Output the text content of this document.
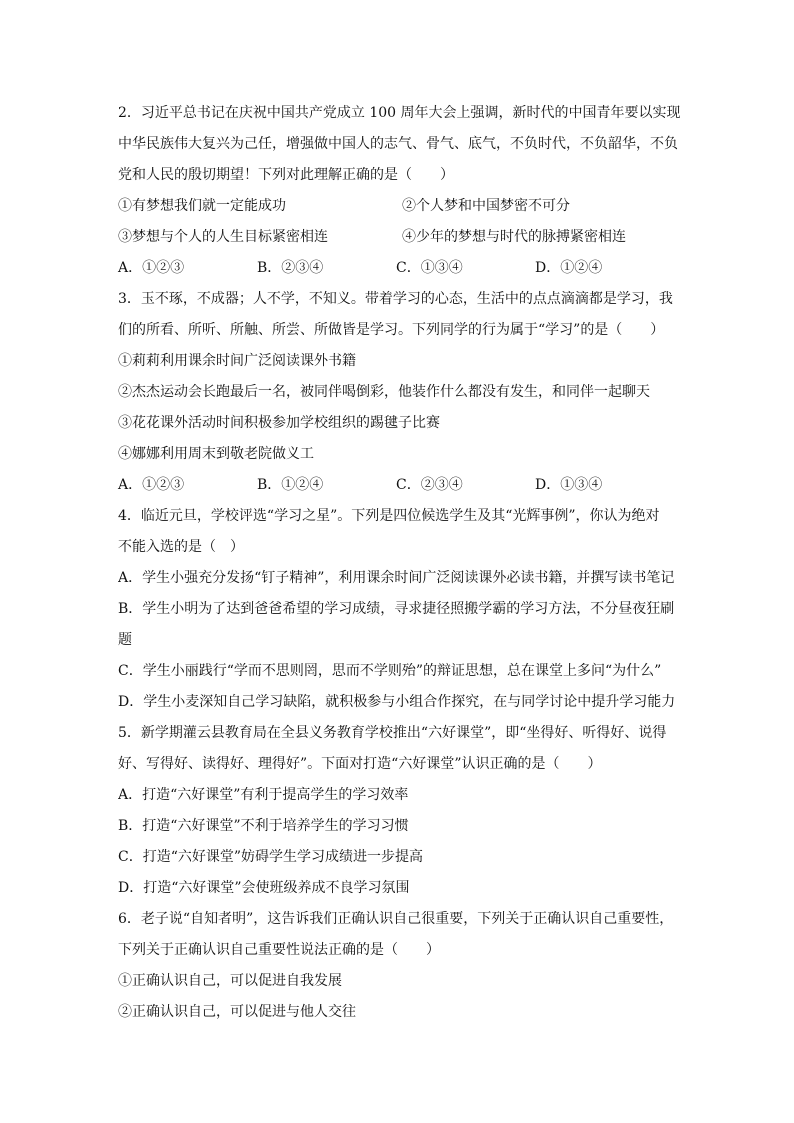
2．习近平总书记在庆祝中国共产党成立 100 周年大会上强调，新时代的中国青年要以实现
中华民族伟大复兴为己任，增强做中国人的志气、骨气、底气，不负时代，不负韶华，不负
党和人民的殷切期望！下列对此理解正确的是（　　）
①有梦想我们就一定能成功	②个人梦和中国梦密不可分
③梦想与个人的人生目标紧密相连	④少年的梦想与时代的脉搏紧密相连
A．①②③	B．②③④	C．①③④	D．①②④
3．玉不琢，不成器；人不学，不知义。带着学习的心态，生活中的点点滴滴都是学习，我
们的所看、所听、所触、所尝、所做皆是学习。下列同学的行为属于“学习”的是（　　）
①莉莉利用课余时间广泛阅读课外书籍
②杰杰运动会长跑最后一名，被同伴喝倒彩，他装作什么都没有发生，和同伴一起聊天
③花花课外活动时间积极参加学校组织的踢毽子比赛
④娜娜利用周末到敬老院做义工
A．①②③	B．①②④	C．②③④	D．①③④
4．临近元旦，学校评选“学习之星”。下列是四位候选学生及其“光辉事例”，你认为绝对
不能入选的是（　）
A．学生小强充分发扬“钉子精神”，利用课余时间广泛阅读课外必读书籍，并撰写读书笔记
B．学生小明为了达到爸爸希望的学习成绩，寻求捷径照搬学霸的学习方法，不分昼夜狂刷
题
C．学生小丽践行“学而不思则罔，思而不学则殆”的辩证思想，总在课堂上多问“为什么”
D．学生小麦深知自己学习缺陷，就积极参与小组合作探究，在与同学讨论中提升学习能力
5．新学期灌云县教育局在全县义务教育学校推出“六好课堂”，即“坐得好、听得好、说得
好、写得好、读得好、理得好”。下面对打造“六好课堂”认识正确的是（　　）
A．打造“六好课堂”有利于提高学生的学习效率
B．打造“六好课堂”不利于培养学生的学习习惯
C．打造“六好课堂”妨碍学生学习成绩进一步提高
D．打造“六好课堂”会使班级养成不良学习氛围
6．老子说“自知者明”，这告诉我们正确认识自己很重要，下列关于正确认识自己重要性，
下列关于正确认识自己重要性说法正确的是（　　）
①正确认识自己，可以促进自我发展
②正确认识自己，可以促进与他人交往
